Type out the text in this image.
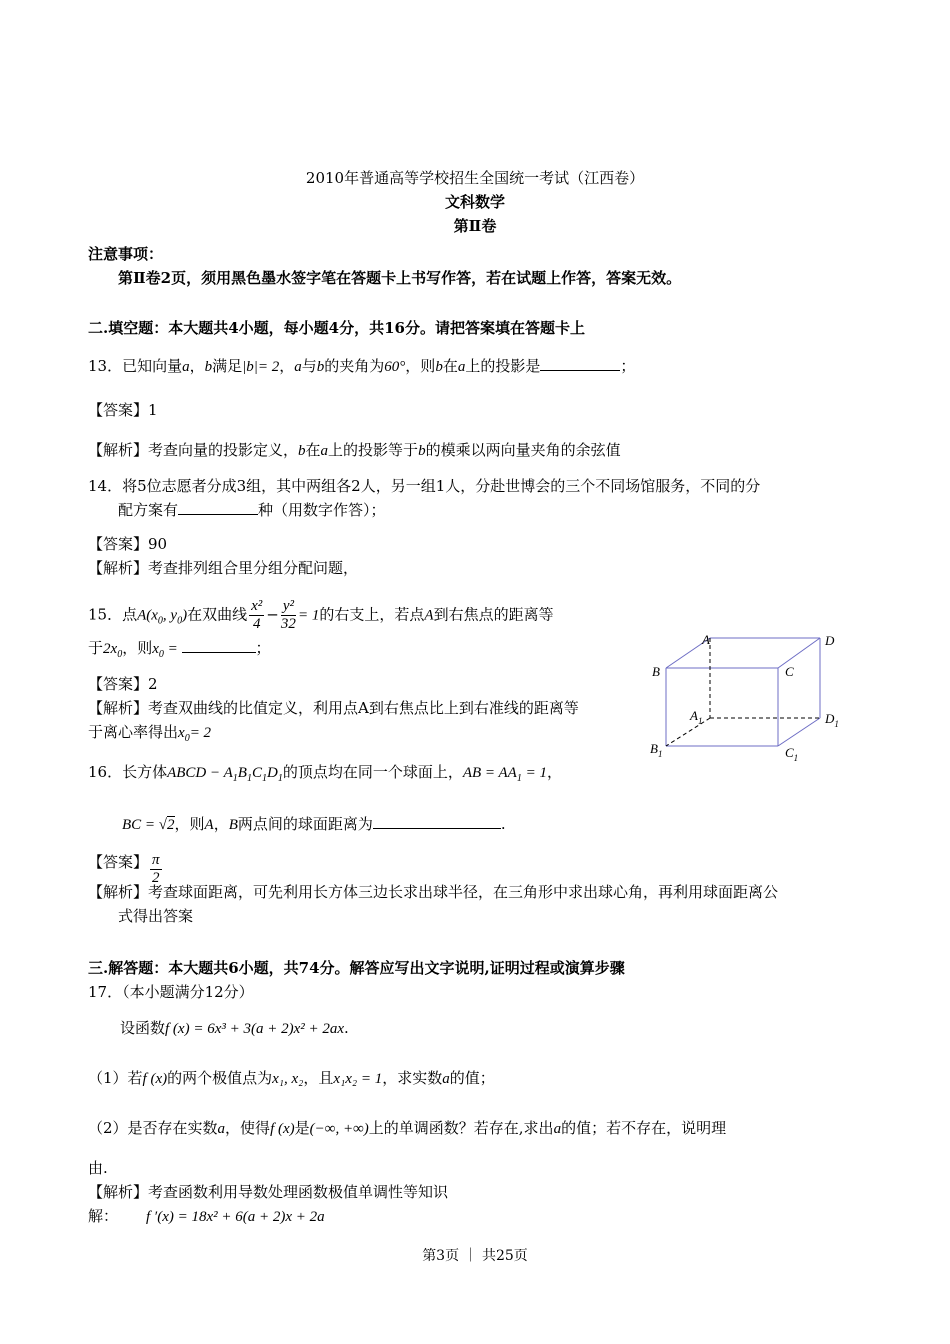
2010年普通高等学校招生全国统一考试（江西卷）
文科数学
第Ⅱ卷
注意事项：
第Ⅱ卷2页，须用黑色墨水签字笔在答题卡上书写作答，若在试题上作答，答案无效。
二.填空题：本大题共4小题，每小题4分，共16分。请把答案填在答题卡上
13．已知向量a，b满足|b|= 2，a与b的夹角为60°，则b在a上的投影是	；
【答案】1
【解析】考查向量的投影定义，b在a上的投影等于b的模乘以两向量夹角的余弦值
14．将5位志愿者分成3组，其中两组各2人，另一组1人，分赴世博会的三个不同场馆服务，不同的分
配方案有	种（用数字作答）；
【答案】90
【解析】考查排列组合里分组分配问题，
15．点$A(x_0$, $y_0$)在双曲线 $\frac{\text{x²}}{4} - \frac{\text{y²}}{32} = 1$的右支上，若点A到右焦点的距离等
于$2x_0$，则$x_0$ =	；
【答案】2
【解析】考查双曲线的比值定义，利用点A到右焦点比上到右准线的距离等
于离心率得出$x_0= 2$
16．长方体ABCD − $A_1B_1C_1D_1$的顶点均在同一个球面上，AB = $AA_1 = 1$，
BC = √2，则A，B两点间的球面距离为	.
【答案】 $\frac{\pi}{2}$
【解析】考查球面距离，可先利用长方体三边长求出球半径，在三角形中求出球心角，再利用球面距离公
式得出答案
A	D
B	C
$A_1$	$D_1$
$B_1$	$C_1$
三.解答题：本大题共6小题，共74分。解答应写出文字说明,证明过程或演算步骤
17．（本小题满分12分）
设函数f (x) = 6x³ + 3(a + 2)x² + 2ax.
（1）若f (x)的两个极值点为x₁, x₂，且x₁x₂ = 1，求实数a的值；
（2）是否存在实数a，使得f (x)是(−∞, +∞)上的单调函数？若存在,求出a的值；若不存在，说明理
由.
【解析】考查函数利用导数处理函数极值单调性等知识
解： f ′(x) = 18x² + 6(a + 2)x + 2a
第3页 ｜ 共25页
